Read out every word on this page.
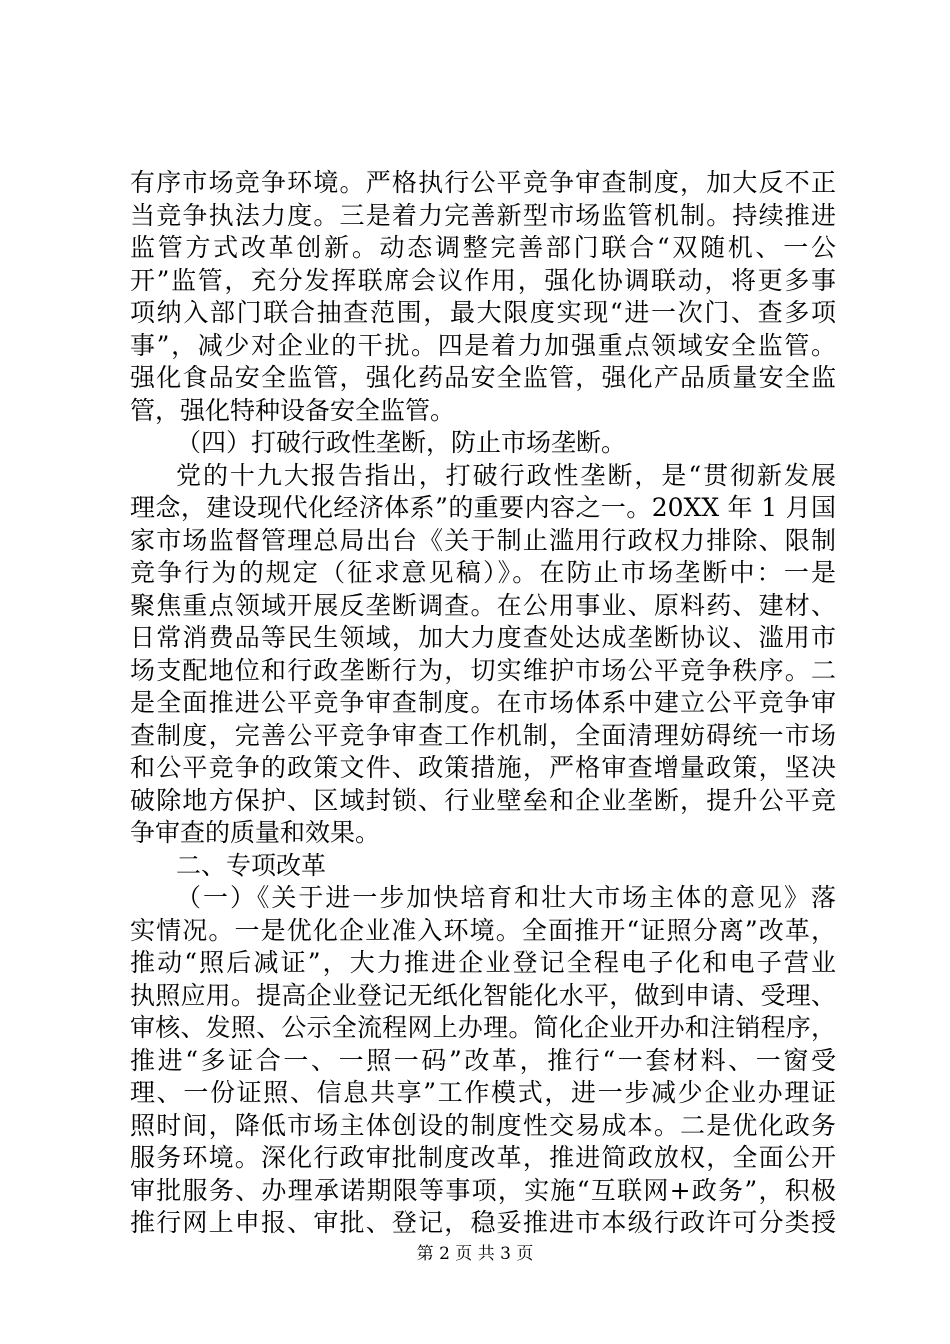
有序市场竞争环境。严格执行公平竞争审查制度，加大反不正
当竞争执法力度。三是着力完善新型市场监管机制。持续推进
监管方式改革创新。动态调整完善部门联合“双随机、一公
开”监管，充分发挥联席会议作用，强化协调联动，将更多事
项纳入部门联合抽查范围，最大限度实现“进一次门、查多项
事”，减少对企业的干扰。四是着力加强重点领域安全监管。
强化食品安全监管，强化药品安全监管，强化产品质量安全监
管，强化特种设备安全监管。
（四）打破行政性垄断，防止市场垄断。
党的十九大报告指出，打破行政性垄断，是“贯彻新发展
理念，建设现代化经济体系”的重要内容之一。20XX 年 1 月国
家市场监督管理总局出台《关于制止滥用行政权力排除、限制
竞争行为的规定（征求意见稿）》。在防止市场垄断中：一是
聚焦重点领域开展反垄断调查。在公用事业、原料药、建材、
日常消费品等民生领域，加大力度查处达成垄断协议、滥用市
场支配地位和行政垄断行为，切实维护市场公平竞争秩序。二
是全面推进公平竞争审查制度。在市场体系中建立公平竞争审
查制度，完善公平竞争审查工作机制，全面清理妨碍统一市场
和公平竞争的政策文件、政策措施，严格审查增量政策，坚决
破除地方保护、区域封锁、行业壁垒和企业垄断，提升公平竞
争审查的质量和效果。
二、专项改革
（一）《关于进一步加快培育和壮大市场主体的意见》落
实情况。一是优化企业准入环境。全面推开“证照分离”改革，
推动“照后减证”，大力推进企业登记全程电子化和电子营业
执照应用。提高企业登记无纸化智能化水平，做到申请、受理、
审核、发照、公示全流程网上办理。简化企业开办和注销程序，
推进“多证合一、一照一码”改革，推行“一套材料、一窗受
理、一份证照、信息共享”工作模式，进一步减少企业办理证
照时间，降低市场主体创设的制度性交易成本。二是优化政务
服务环境。深化行政审批制度改革，推进简政放权，全面公开
审批服务、办理承诺期限等事项，实施“互联网+政务”，积极
推行网上申报、审批、登记，稳妥推进市本级行政许可分类授
第 2 页 共 3 页
